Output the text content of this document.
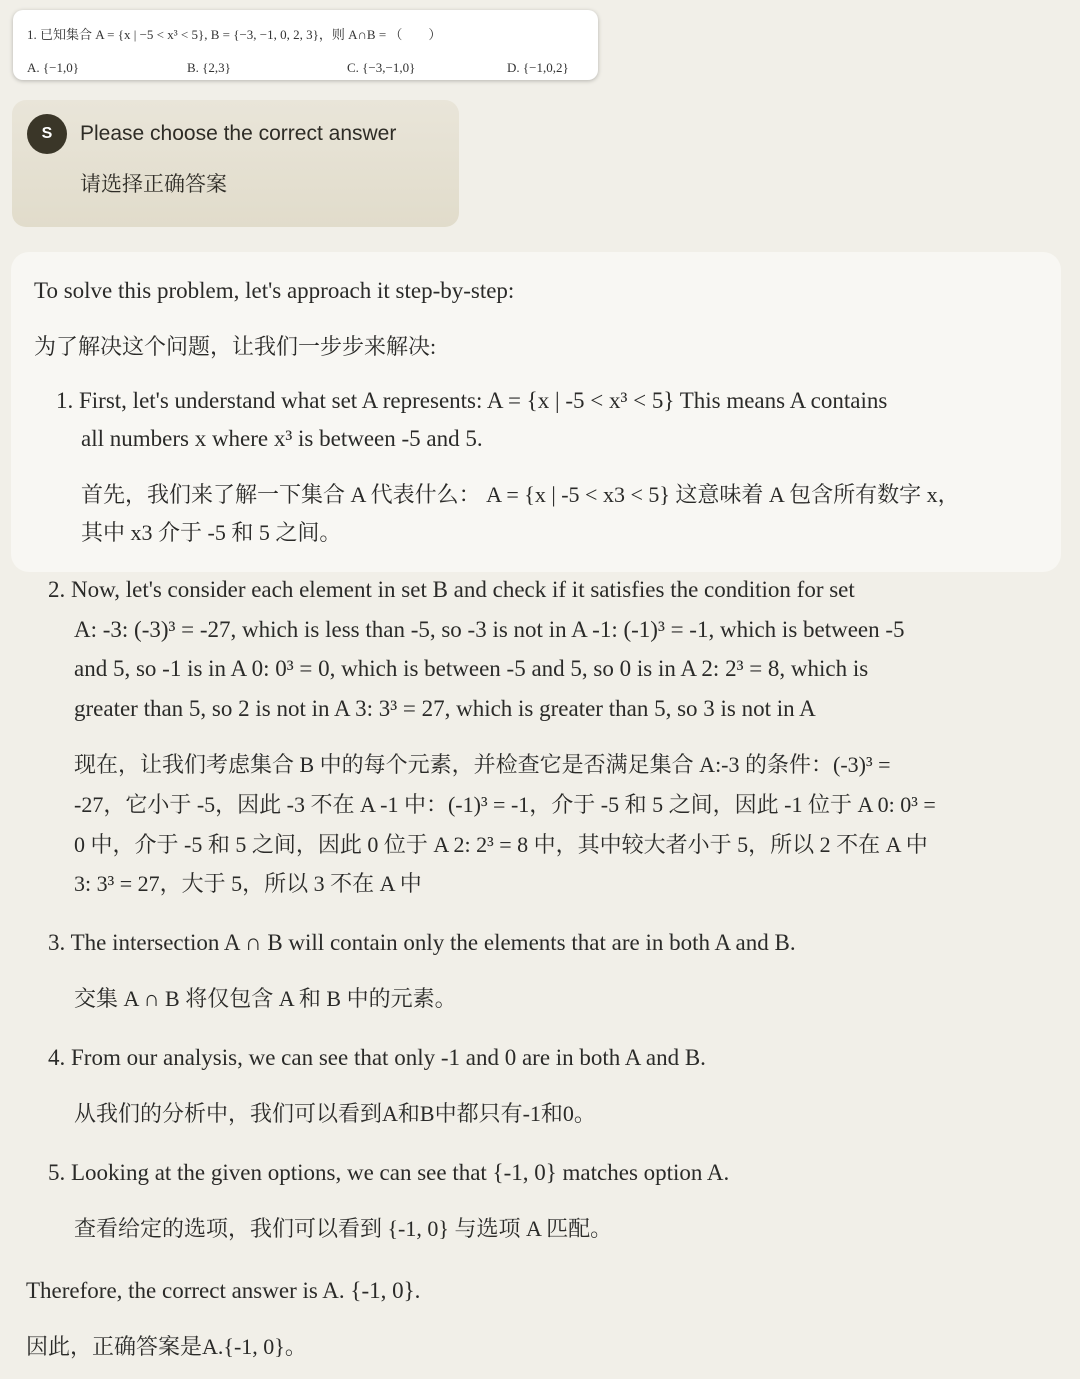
1. 已知集合 A = {x | −5 < x³ < 5}, B = {−3, −1, 0, 2, 3}，则 A∩B = （　　）
A. {−1,0}	B. {2,3}	C. {−3,−1,0}	D. {−1,0,2}
S	Please choose the correct answer
请选择正确答案
To solve this problem, let's approach it step-by-step:
为了解决这个问题，让我们一步步来解决:
1. First, let's understand what set A represents: A = {x | -5 < x³ < 5} This means A contains
all numbers x where x³ is between -5 and 5.
首先，我们来了解一下集合 A 代表什么： A = {x | -5 < x3 < 5} 这意味着 A 包含所有数字 x，
其中 x3 介于 -5 和 5 之间。
2. Now, let's consider each element in set B and check if it satisfies the condition for set
A: -3: (-3)³ = -27, which is less than -5, so -3 is not in A -1: (-1)³ = -1, which is between -5
and 5, so -1 is in A 0: 0³ = 0, which is between -5 and 5, so 0 is in A 2: 2³ = 8, which is
greater than 5, so 2 is not in A 3: 3³ = 27, which is greater than 5, so 3 is not in A
现在，让我们考虑集合 B 中的每个元素，并检查它是否满足集合 A:-3 的条件：(-3)³ =
-27，它小于 -5，因此 -3 不在 A -1 中：(-1)³ = -1，介于 -5 和 5 之间，因此 -1 位于 A 0: 0³ =
0 中，介于 -5 和 5 之间，因此 0 位于 A 2: 2³ = 8 中，其中较大者小于 5，所以 2 不在 A 中
3: 3³ = 27，大于 5，所以 3 不在 A 中
3. The intersection A ∩ B will contain only the elements that are in both A and B.
交集 A ∩ B 将仅包含 A 和 B 中的元素。
4. From our analysis, we can see that only -1 and 0 are in both A and B.
从我们的分析中，我们可以看到A和B中都只有-1和0。
5. Looking at the given options, we can see that {-1, 0} matches option A.
查看给定的选项，我们可以看到 {-1, 0} 与选项 A 匹配。
Therefore, the correct answer is A. {-1, 0}.
因此，正确答案是A.{-1, 0}。
